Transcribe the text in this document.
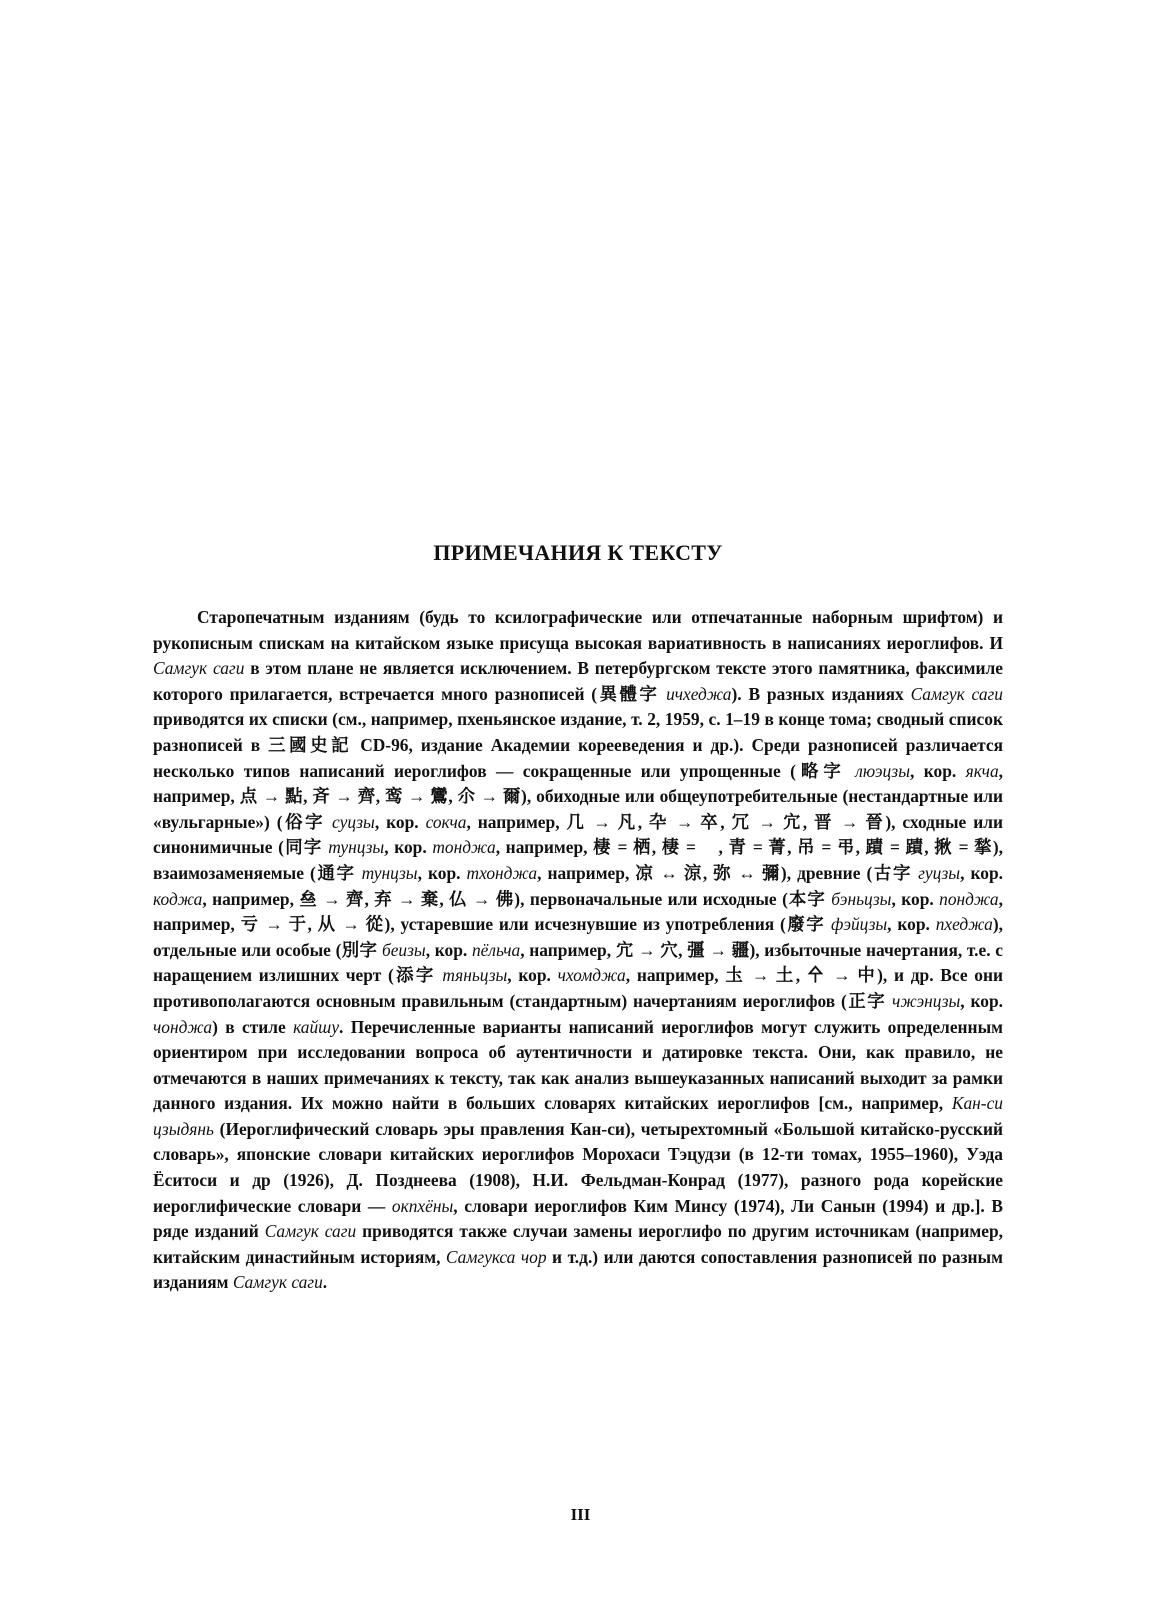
ПРИМЕЧАНИЯ К ТЕКСТУ

Старопечатным изданиям (будь то ксилографические или отпечатанные наборным шрифтом) и рукописным спискам на китайском языке присуща высокая вариативность в написаниях иероглифов. И Самгук саги в этом плане не является исключением. В петербургском тексте этого памятника, факсимиле которого прилагается, встречается много разнописей (異體字 ичхеджа). В разных изданиях Самгук саги приводятся их списки (см., например, пхеньянское издание, т. 2, 1959, с. 1–19 в конце тома; сводный список разнописей в 三國史記 CD-96, издание Академии корееведения и др.). Среди разнописей различается несколько типов написаний иероглифов — сокращенные или упрощенные (略字 люэцзы, кор. якча, например, 点 → 點, 斉 → 齊, 鸾 → 鸞, 尒 → 爾), обиходные или общеупотребительные (нестандартные или «вульгарные») (俗字 суцзы, кор. сокча, например, 几 → 凡, 卆 → 卒, 冗 → 宂, 晋 → 晉), сходные или синонимичные (同字 тунцзы, кор. тонджа, например, 棲 = 栖, 棲 =    , 青 = 菁, 吊 = 弔, 蹟 = 蹟, 揪 = 揫), взаимозаменяемые (通字 тунцзы, кор. тхонджа, например, 凉 ↔ 涼, 弥 ↔ 彌), древние (古字 гуцзы, кор. коджа, например, 亝 → 齊, 弃 → 棄, 仏 → 佛), первоначальные или исходные (本字 бэньцзы, кор. понджа, например, 亏 → 于, 从 → 從), устаревшие или исчезнувшие из употребления (廢字 фэйцзы, кор. пхеджа), отдельные или особые (別字 беuзы, кор. пёльча, например, 宂 → 穴, 彊 → 疆), избыточные начертания, т.е. с наращением излишних черт (添字 тяньцзы, кор. чхомджа, например, 圡 → 土, 㐃 → 中), и др. Все они противополагаются основным правильным (стандартным) начертаниям иероглифов (正字 чжэнцзы, кор. чонджа) в стиле кайшу. Перечисленные варианты написаний иероглифов могут служить определенным ориентиром при исследовании вопроса об аутентичности и датировке текста. Они, как правило, не отмечаются в наших примечаниях к тексту, так как анализ вышеуказанных написаний выходит за рамки данного издания. Их можно найти в больших словарях китайских иероглифов [см., например, Кан-си цзыдянь (Иероглифический словарь эры правления Кан-си), четырехтомный «Большой китайско-русский словарь», японские словари китайских иероглифов Морохаси Тэцудзи (в 12-ти томах, 1955–1960), Уэда Ёситоси и др (1926), Д. Позднеева (1908), Н.И. Фельдман-Конрад (1977), разного рода корейские иероглифические словари — окпхёны, словари иероглифов Ким Минсу (1974), Ли Санын (1994) и др.]. В ряде изданий Самгук саги приводятся также случаи замены иероглифо по другим источникам (например, китайским династийным историям, Самгукса чор и т.д.) или даются сопоставления разнописей по разным изданиям Самгук саги.

III
